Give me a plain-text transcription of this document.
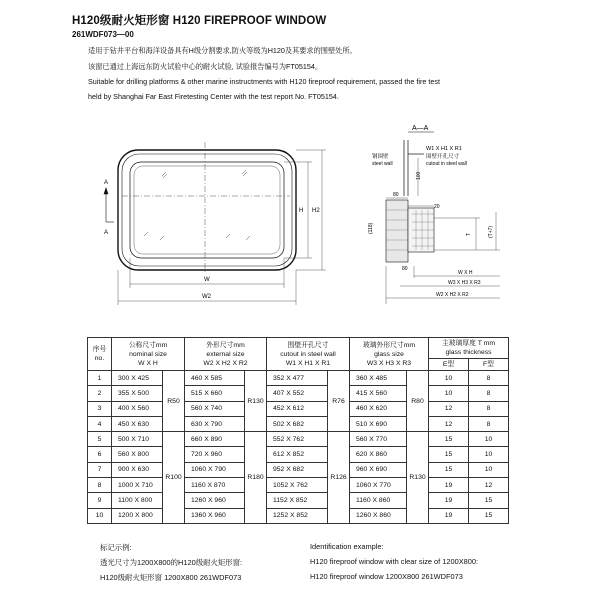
H120级耐火矩形窗 H120 FIREPROOF WINDOW
261WDF073—00
适用于钻井平台和海洋设备具有H级分割要求,防火等级为H120及其要求的围壁处所。
该窗已通过上海远东防火试验中心的耐火试验, 试验报告编号为FT05154。
Suitable for drilling platforms & other marine instructments with H120 fireproof requirement, passed the fire test
held by Shanghai Far East Firetesting Center with the test report No. FT05154.
A
A
H H2
W
W2
A—A
W1 X H1 X R1
围壁开孔尺寸
cutout in steel wall
钢围壁
steel wall
100
80
20
(118)
T	(T+7)
80
W X H
W3 X H3 X R3
W2 X H2 X R2
序号
no.	公称尺寸mm
nominal size
W X H		外形尺寸mm
external size
W2 X H2 X R2		围壁开孔尺寸
cutout in steel wall
W1 X H1 X R1		玻璃外形尺寸mm
glass size
W3 X H3 X R3		主玻璃厚度 T mm
glass thickness	
									E型	F型
1	300 X 425	R50	460 X 585	R130	352 X 477	R76	360 X 485	R80	10	8
2	355 X 500		515 X 660		407 X 552		415 X 560		10	8
3	400 X 560		560 X 740		452 X 612		460 X 620		12	8
4	450 X 630		630 X 790		502 X 682		510 X 690		12	8
5	500 X 710	R100	660 X 890	R180	552 X 762	R126	560 X 770	R130	15	10
6	560 X 800		720 X 960		612 X 852		620 X 860		15	10
7	900 X 630		1060 X 790		952 X 682		960 X 690		15	10
8	1000 X 710		1160 X 870		1052 X 762		1060 X 770		19	12
9	1100 X 800		1260 X 960		1152 X 852		1160 X 860		19	15
10	1200 X 800		1360 X 960		1252 X 852		1260 X 860		19	15
标记示例:
透光尺寸为1200X800的H120级耐火矩形窗:
H120级耐火矩形窗 1200X800 261WDF073
Identification example:
H120 fireproof window with clear size of 1200X800:
H120 fireproof window 1200X800 261WDF073
